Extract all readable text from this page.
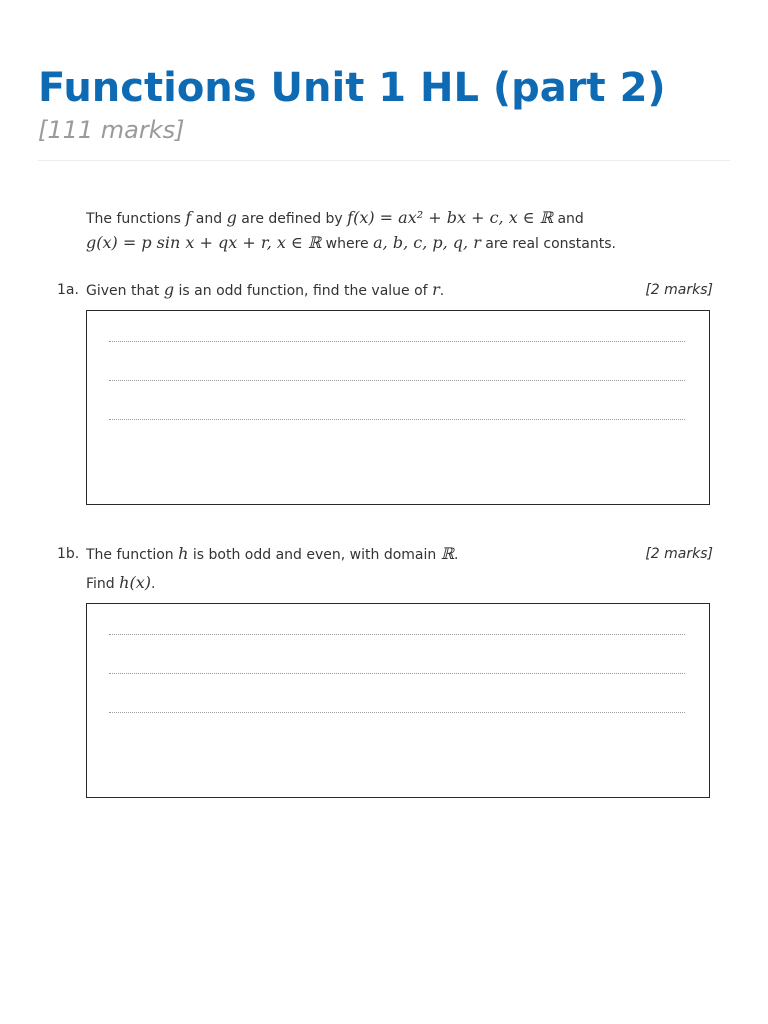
Functions Unit 1 HL (part 2)
[111 marks]
The functions f and g are defined by f(x) = ax² + bx + c, x ∈ ℝ and
g(x) = p sin x + qx + r, x ∈ ℝ where a, b, c, p, q, r are real constants.
1a. Given that g is an odd function, find the value of r.	[2 marks]
1b. The function h is both odd and even, with domain ℝ.
Find h(x).
[2 marks]
